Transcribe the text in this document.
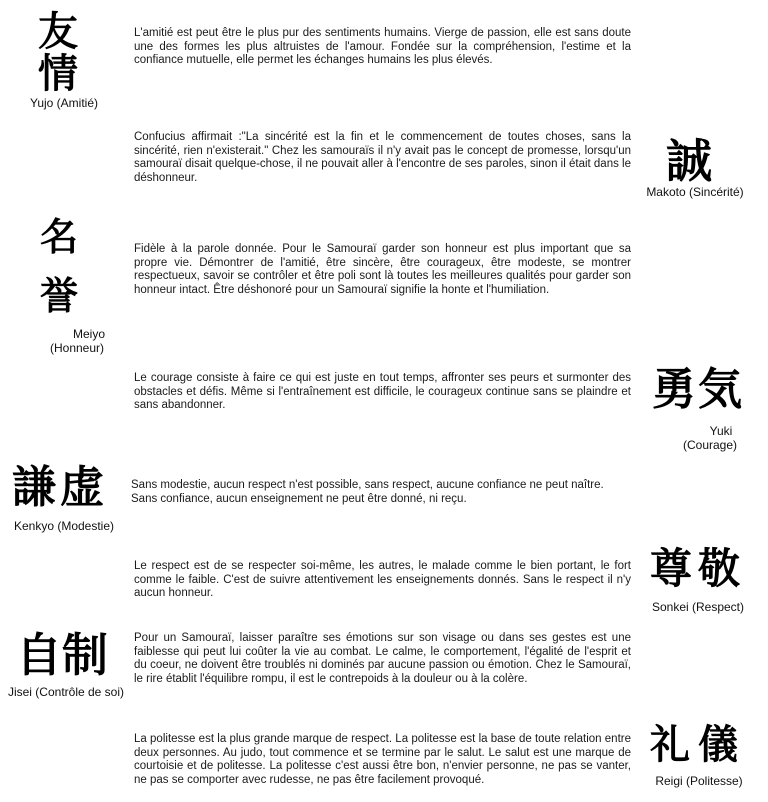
友
情
Yujo (Amitié)
L'amitié est peut être le plus pur des sentiments humains. Vierge de passion, elle est sans doute une des formes les plus altruistes de l'amour. Fondée sur la compréhension, l'estime et la confiance mutuelle, elle permet les échanges humains les plus élevés.
Confucius affirmait :"La sincérité est la fin et le commencement de toutes choses, sans la sincérité, rien n'existerait." Chez les samouraïs il n'y avait pas le concept de promesse, lorsqu'un samouraï disait quelque-chose, il ne pouvait aller à l'encontre de ses paroles, sinon il était dans le déshonneur.	誠
Makoto (Sincérité)
名
誉
Meiyo
(Honneur)
Fidèle à la parole donnée. Pour le Samouraï garder son honneur est plus important que sa propre vie. Démontrer de l'amitié, être sincère, être courageux, être modeste, se montrer respectueux, savoir se contrôler et être poli sont là toutes les meilleures qualités pour garder son honneur intact. Être déshonoré pour un Samouraï signifie la honte et l'humiliation.
Le courage consiste à faire ce qui est juste en tout temps, affronter ses peurs et surmonter des obstacles et défis. Même si l'entraînement est difficile, le courageux continue sans se plaindre et sans abandonner.	勇 気
Yuki
(Courage)
謙 虚
Kenkyo (Modestie)
Sans modestie, aucun respect n'est possible, sans respect, aucune confiance ne peut naître. Sans confiance, aucun enseignement ne peut être donné, ni reçu.
Le respect est de se respecter soi-même, les autres, le malade comme le bien portant, le fort comme le faible. C'est de suivre attentivement les enseignements donnés. Sans le respect il n'y aucun honneur.
尊 敬
Sonkei (Respect)
自 制
Jisei (Contrôle de soi)
Pour un Samouraï, laisser paraître ses émotions sur son visage ou dans ses gestes est une faiblesse qui peut lui coûter la vie au combat. Le calme, le comportement, l'égalité de l'esprit et du coeur, ne doivent être troublés ni dominés par aucune passion ou émotion. Chez le Samouraï, le rire établit l'équilibre rompu, il est le contrepoids à la douleur ou à la colère.
La politesse est la plus grande marque de respect. La politesse est la base de toute relation entre deux personnes. Au judo, tout commence et se termine par le salut. Le salut est une marque de courtoisie et de politesse. La politesse c'est aussi être bon, n'envier personne, ne pas se vanter, ne pas se comporter avec rudesse, ne pas être facilement provoqué.
礼 儀
Reigi (Politesse)
